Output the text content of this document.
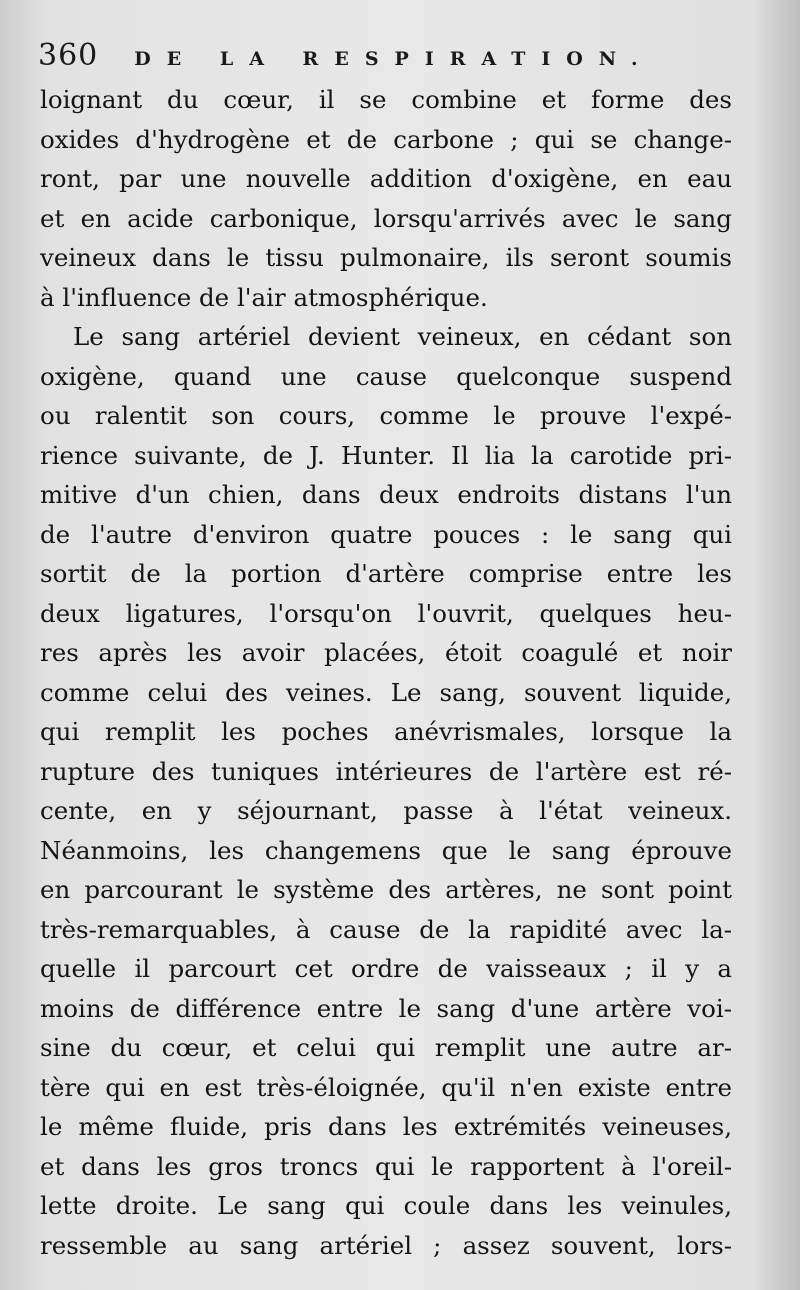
360 DE LA RESPIRATION.
loignant du cœur, il se combine et forme des
oxides d'hydrogène et de carbone ; qui se change-
ront, par une nouvelle addition d'oxigène, en eau
et en acide carbonique, lorsqu'arrivés avec le sang
veineux dans le tissu pulmonaire, ils seront soumis
à l'influence de l'air atmosphérique.
Le sang artériel devient veineux, en cédant son
oxigène, quand une cause quelconque suspend
ou ralentit son cours, comme le prouve l'expé-
rience suivante, de J. Hunter. Il lia la carotide pri-
mitive d'un chien, dans deux endroits distans l'un
de l'autre d'environ quatre pouces : le sang qui
sortit de la portion d'artère comprise entre les
deux ligatures, l'orsqu'on l'ouvrit, quelques heu-
res après les avoir placées, étoit coagulé et noir
comme celui des veines. Le sang, souvent liquide,
qui remplit les poches anévrismales, lorsque la
rupture des tuniques intérieures de l'artère est ré-
cente, en y séjournant, passe à l'état veineux.
Néanmoins, les changemens que le sang éprouve
en parcourant le système des artères, ne sont point
très-remarquables, à cause de la rapidité avec la-
quelle il parcourt cet ordre de vaisseaux ; il y a
moins de différence entre le sang d'une artère voi-
sine du cœur, et celui qui remplit une autre ar-
tère qui en est très-éloignée, qu'il n'en existe entre
le même fluide, pris dans les extrémités veineuses,
et dans les gros troncs qui le rapportent à l'oreil-
lette droite. Le sang qui coule dans les veinules,
ressemble au sang artériel ; assez souvent, lors-
